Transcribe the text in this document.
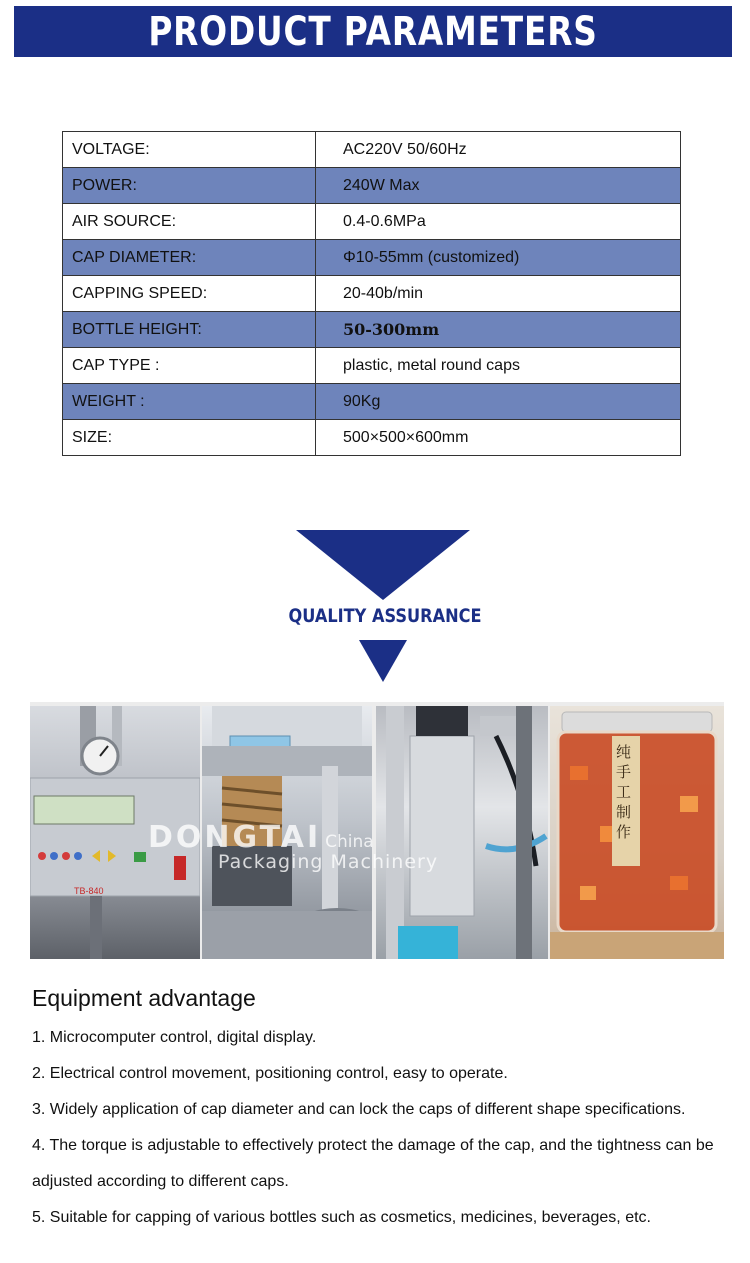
PRODUCT PARAMETERS
VOLTAGE:	AC220V 50/60Hz
POWER:	240W Max
AIR SOURCE:	0.4-0.6MPa
CAP DIAMETER:	Φ10-55mm (customized)
CAPPING SPEED:	20-40b/min
BOTTLE HEIGHT:	50-300mm
CAP TYPE :	plastic, metal round caps
WEIGHT :	90Kg
SIZE:	500×500×600mm
QUALITY ASSURANCE
TB-840
纯手工制作
DONGTAI China
Packaging Machinery
Equipment advantage
1. Microcomputer control, digital display.
2. Electrical control movement, positioning control, easy to operate.
3. Widely application of cap diameter and can lock the caps of different shape specifications.
4. The torque is adjustable to effectively protect the damage of the cap, and the tightness can be adjusted according to different caps.
5. Suitable for capping of various bottles such as cosmetics, medicines, beverages, etc.
